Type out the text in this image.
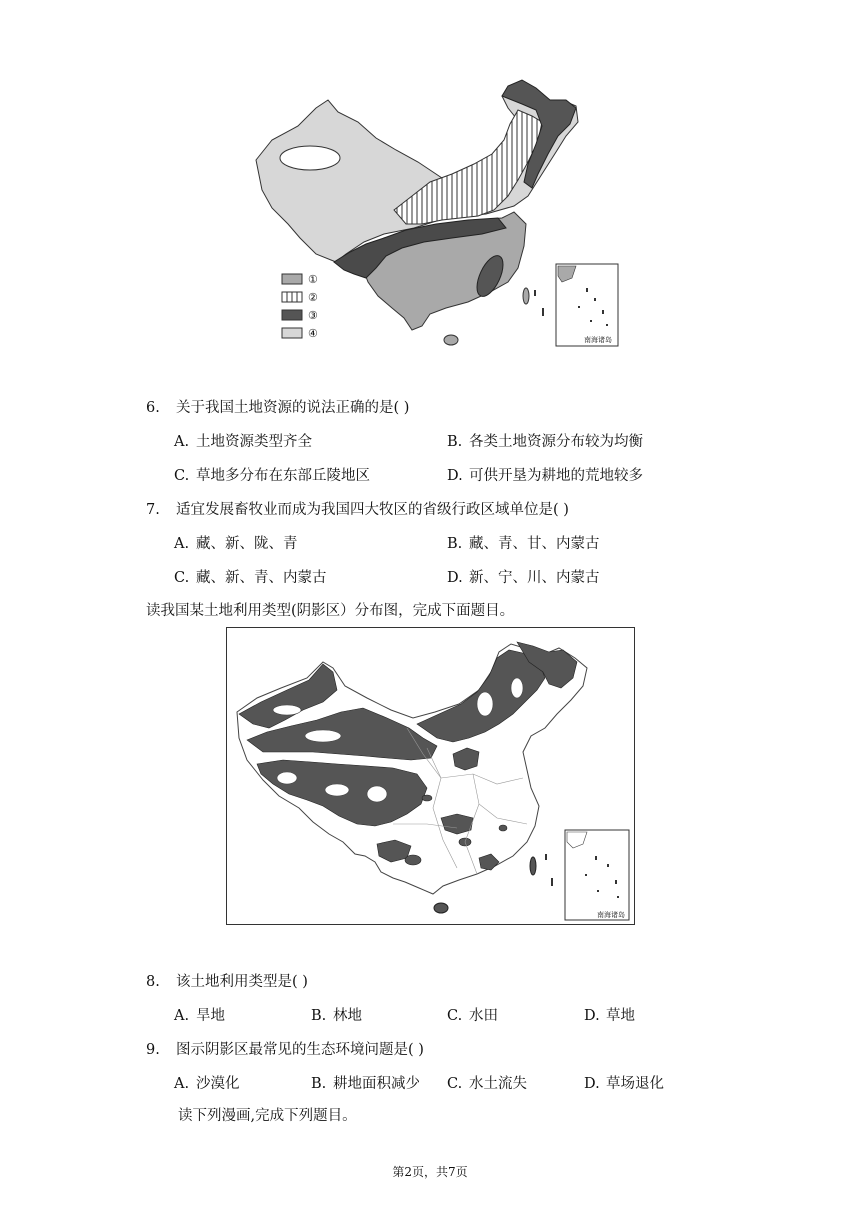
①
②
③
④	南海诸岛
6. 关于我国土地资源的说法正确的是( )
A. 土地资源类型齐全	B. 各类土地资源分布较为均衡
C. 草地多分布在东部丘陵地区	D. 可供开垦为耕地的荒地较多
7. 适宜发展畜牧业而成为我国四大牧区的省级行政区域单位是( )
A. 藏、新、陇、青	B. 藏、青、甘、内蒙古
C. 藏、新、青、内蒙古	D. 新、宁、川、内蒙古
读我国某土地利用类型(阴影区）分布图，完成下面题目。
南海诸岛
8. 该土地利用类型是( )
A. 旱地	B. 林地	C. 水田	D. 草地
9. 图示阴影区最常见的生态环境问题是( )
A. 沙漠化	B. 耕地面积减少 C. 水土流失	D. 草场退化
读下列漫画,完成下列题目。
第2页，共7页
